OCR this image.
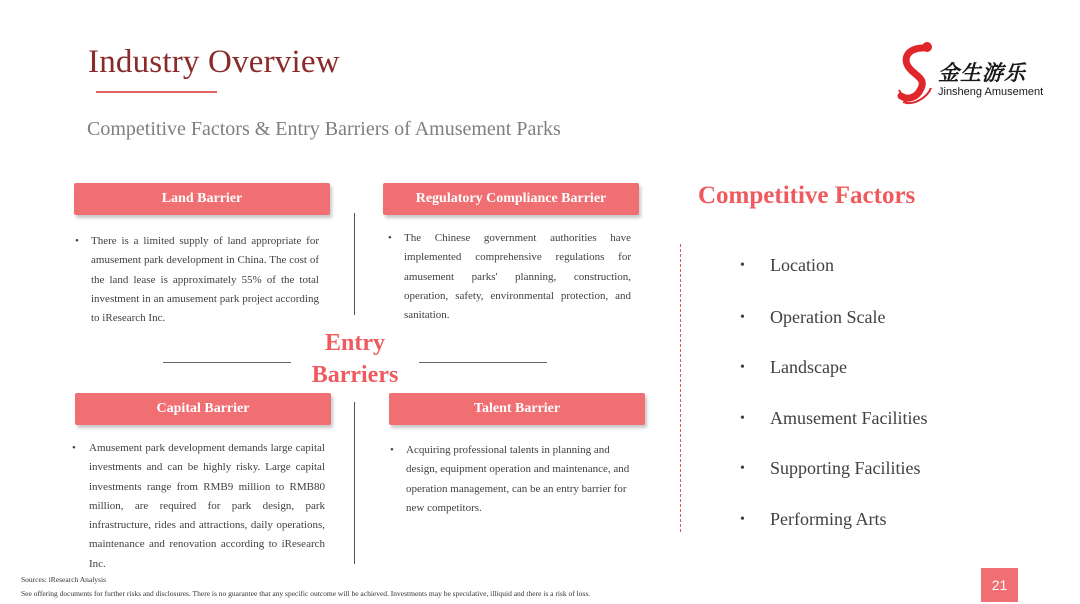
Industry Overview
Competitive Factors & Entry Barriers of Amusement Parks
金生游乐
Jinsheng Amusement
Land Barrier	Regulatory Compliance Barrier
Capital Barrier	Talent Barrier
• There is a limited supply of land appropriate for amusement park development in China. The cost of the land lease is approximately 55% of the total investment in an amusement park project according to iResearch Inc.
• The Chinese government authorities have implemented comprehensive regulations for amusement parks' planning, construction, operation, safety, environmental protection, and sanitation.
• Amusement park development demands large capital investments and can be highly risky. Large capital investments range from RMB9 million to RMB80 million, are required for park design, park infrastructure, rides and attractions, daily operations, maintenance and renovation according to iResearch Inc.
• Acquiring professional talents in planning and design, equipment operation and maintenance, and operation management, can be an entry barrier for new competitors.
Entry
Barriers
Competitive Factors
• Location
• Operation Scale
• Landscape
• Amusement Facilities
• Supporting Facilities
• Performing Arts
Sources: iResearch Analysis
See offering documents for further risks and disclosures. There is no guarantee that any specific outcome will be achieved. Investments may be speculative, illiquid and there is a risk of loss.
21
